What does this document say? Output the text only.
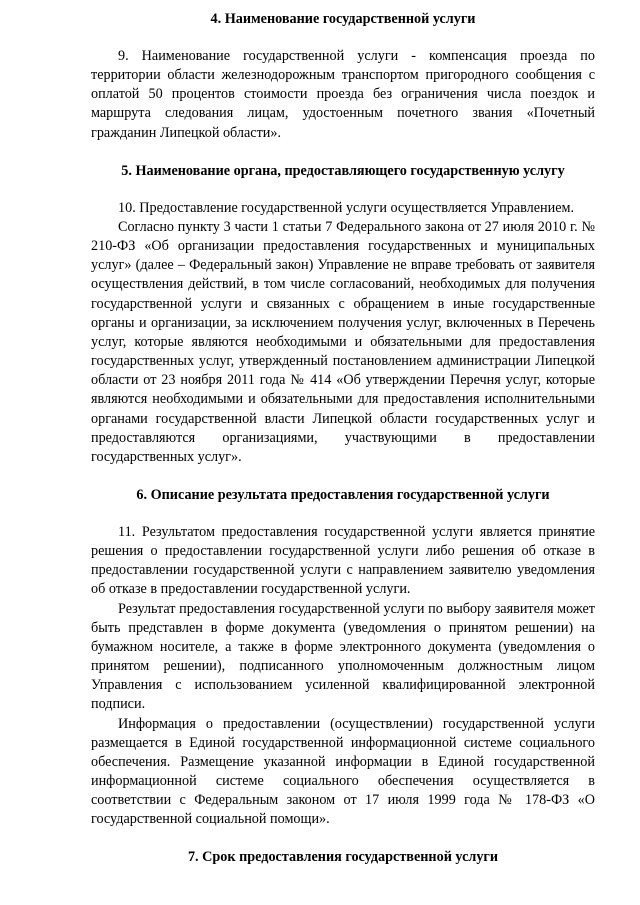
4. Наименование государственной услуги

9. Наименование государственной услуги - компенсация проезда по территории области железнодорожным транспортом пригородного сообщения с оплатой 50 процентов стоимости проезда без ограничения числа поездок и маршрута следования лицам, удостоенным почетного звания «Почетный гражданин Липецкой области».

5. Наименование органа, предоставляющего государственную услугу

10. Предоставление государственной услуги осуществляется Управлением.

Согласно пункту 3 части 1 статьи 7 Федерального закона от 27 июля 2010 г. № 210-ФЗ «Об организации предоставления государственных и муниципальных услуг» (далее – Федеральный закон) Управление не вправе требовать от заявителя осуществления действий, в том числе согласований, необходимых для получения государственной услуги и связанных с обращением в иные государственные органы и организации, за исключением получения услуг, включенных в Перечень услуг, которые являются необходимыми и обязательными для предоставления государственных услуг, утвержденный постановлением администрации Липецкой области от 23 ноября 2011 года № 414 «Об утверждении Перечня услуг, которые являются необходимыми и обязательными для предоставления исполнительными органами государственной власти Липецкой области государственных услуг и предоставляются организациями, участвующими в предоставлении государственных услуг».

6. Описание результата предоставления государственной услуги

11. Результатом предоставления государственной услуги является принятие решения о предоставлении государственной услуги либо решения об отказе в предоставлении государственной услуги с направлением заявителю уведомления об отказе в предоставлении государственной услуги.

Результат предоставления государственной услуги по выбору заявителя может быть представлен в форме документа (уведомления о принятом решении) на бумажном носителе, а также в форме электронного документа (уведомления о принятом решении), подписанного уполномоченным должностным лицом Управления с использованием усиленной квалифицированной электронной подписи.

Информация о предоставлении (осуществлении) государственной услуги размещается в Единой государственной информационной системе социального обеспечения. Размещение указанной информации в Единой государственной информационной системе социального обеспечения осуществляется в соответствии с Федеральным законом от 17 июля 1999 года № 178-ФЗ «О государственной социальной помощи».

7. Срок предоставления государственной услуги
